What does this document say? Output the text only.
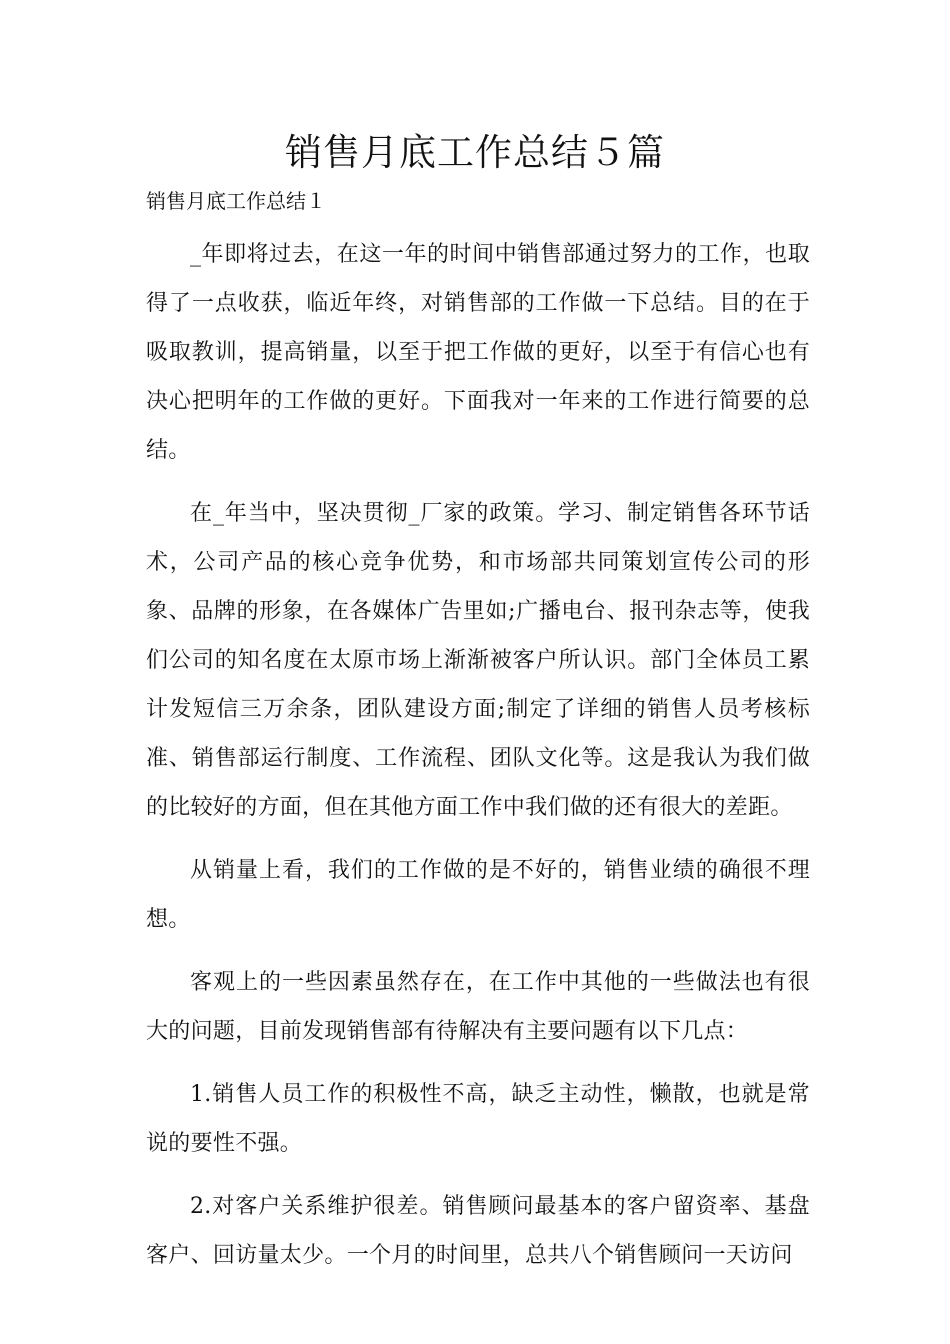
销售月底工作总结５篇

销售月底工作总结１

_年即将过去，在这一年的时间中销售部通过努力的工作，也取得了一点收获，临近年终，对销售部的工作做一下总结。目的在于吸取教训，提高销量，以至于把工作做的更好，以至于有信心也有决心把明年的工作做的更好。下面我对一年来的工作进行简要的总结。

在_年当中，坚决贯彻_厂家的政策。学习、制定销售各环节话术，公司产品的核心竞争优势，和市场部共同策划宣传公司的形象、品牌的形象，在各媒体广告里如;广播电台、报刊杂志等，使我们公司的知名度在太原市场上渐渐被客户所认识。部门全体员工累计发短信三万余条，团队建设方面;制定了详细的销售人员考核标准、销售部运行制度、工作流程、团队文化等。这是我认为我们做的比较好的方面，但在其他方面工作中我们做的还有很大的差距。

从销量上看，我们的工作做的是不好的，销售业绩的确很不理想。

客观上的一些因素虽然存在，在工作中其他的一些做法也有很大的问题，目前发现销售部有待解决有主要问题有以下几点：

1.销售人员工作的积极性不高，缺乏主动性，懒散，也就是常说的要性不强。

2.对客户关系维护很差。销售顾问最基本的客户留资率、基盘客户、回访量太少。一个月的时间里，总共八个销售顾问一天访问
